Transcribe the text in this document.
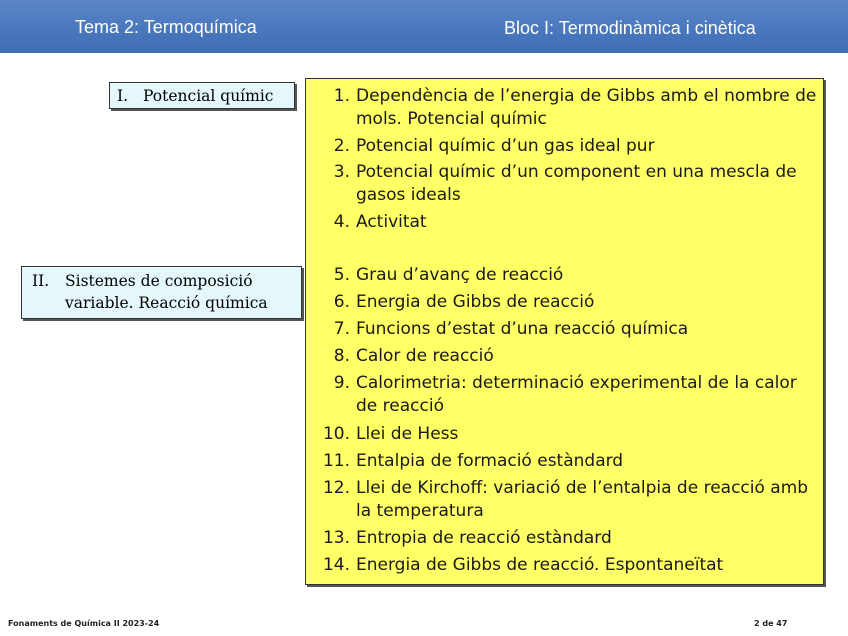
Tema 2: Termoquímica	Bloc I: Termodinàmica i cinètica
I. Potencial químic
II. Sistemes de composició variable. Reacció química
1. Dependència de l’energia de Gibbs amb el nombre de mols. Potencial químic
2. Potencial químic d’un gas ideal pur
3. Potencial químic d’un component en una mescla de gasos ideals
4. Activitat
5. Grau d’avanç de reacció
6. Energia de Gibbs de reacció
7. Funcions d’estat d’una reacció química
8. Calor de reacció
9. Calorimetria: determinació experimental de la calor de reacció
10. Llei de Hess
11. Entalpia de formació estàndard
12. Llei de Kirchoff: variació de l’entalpia de reacció amb la temperatura
13. Entropia de reacció estàndard
14. Energia de Gibbs de reacció. Espontaneïtat
Fonaments de Química II 2023-24	2 de 47
